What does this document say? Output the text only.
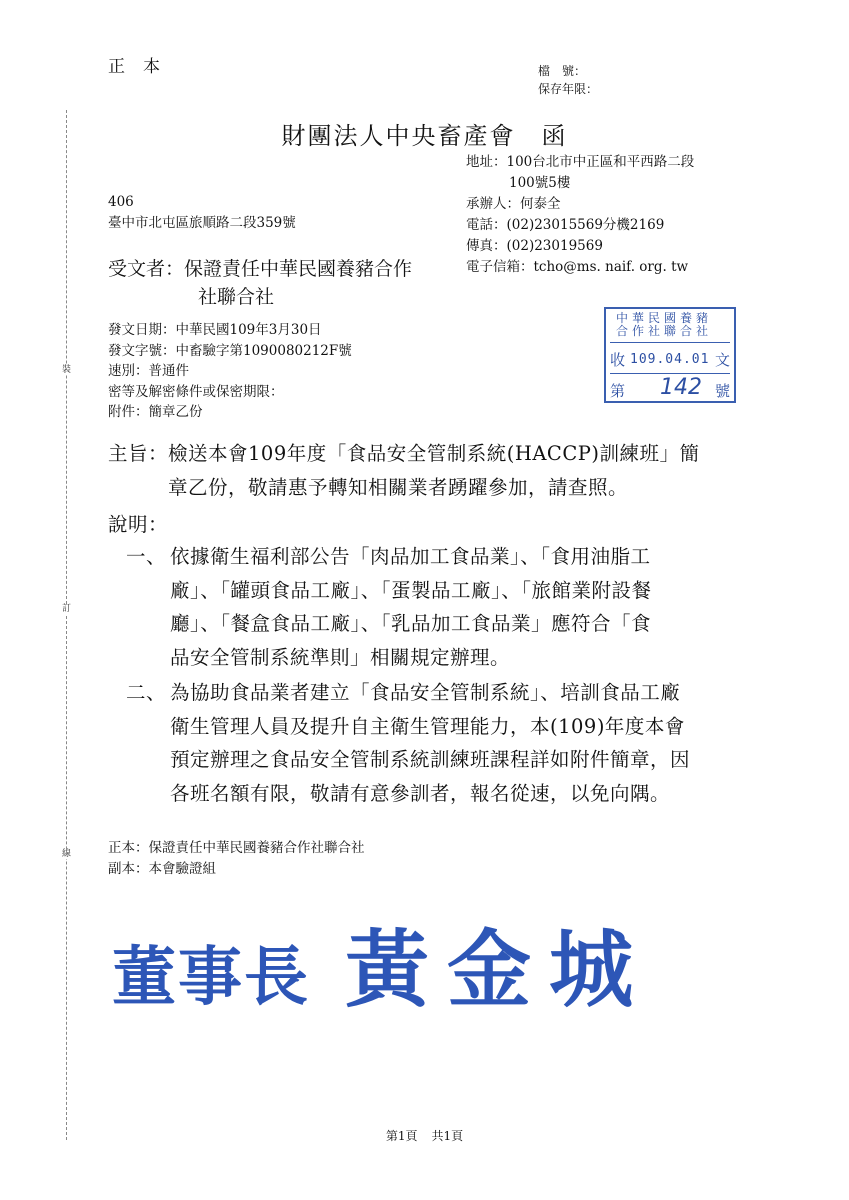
裝
訂
線
正本	檔　號：
保存年限：
財團法人中央畜產會 函
地址：100台北市中正區和平西路二段
100號5樓
承辦人：何泰全
電話：(02)23015569分機2169
傳真：(02)23019569
電子信箱：tcho@ms. naif. org. tw
406
臺中市北屯區旅順路二段359號
受文者：保證責任中華民國養豬合作
社聯合社
發文日期：中華民國109年3月30日
發文字號：中畜驗字第1090080212F號
速別：普通件
密等及解密條件或保密期限：
附件：簡章乙份
中華民國養豬
合作社聯合社
收 109.04.01 文
第 142 號
主旨：檢送本會109年度「食品安全管制系統(HACCP)訓練班」簡
章乙份，敬請惠予轉知相關業者踴躍參加，請查照。
說明：
一、 依據衛生福利部公告「肉品加工食品業」、「食用油脂工
廠」、「罐頭食品工廠」、「蛋製品工廠」、「旅館業附設餐
廳」、「餐盒食品工廠」、「乳品加工食品業」應符合「食
品安全管制系統準則」相關規定辦理。
二、 為協助食品業者建立「食品安全管制系統」、培訓食品工廠
衛生管理人員及提升自主衛生管理能力，本(109)年度本會
預定辦理之食品安全管制系統訓練班課程詳如附件簡章，因
各班名額有限，敬請有意參訓者，報名從速，以免向隅。
正本：保證責任中華民國養豬合作社聯合社
副本：本會驗證組
董事長 黃金城
第1頁 共1頁
